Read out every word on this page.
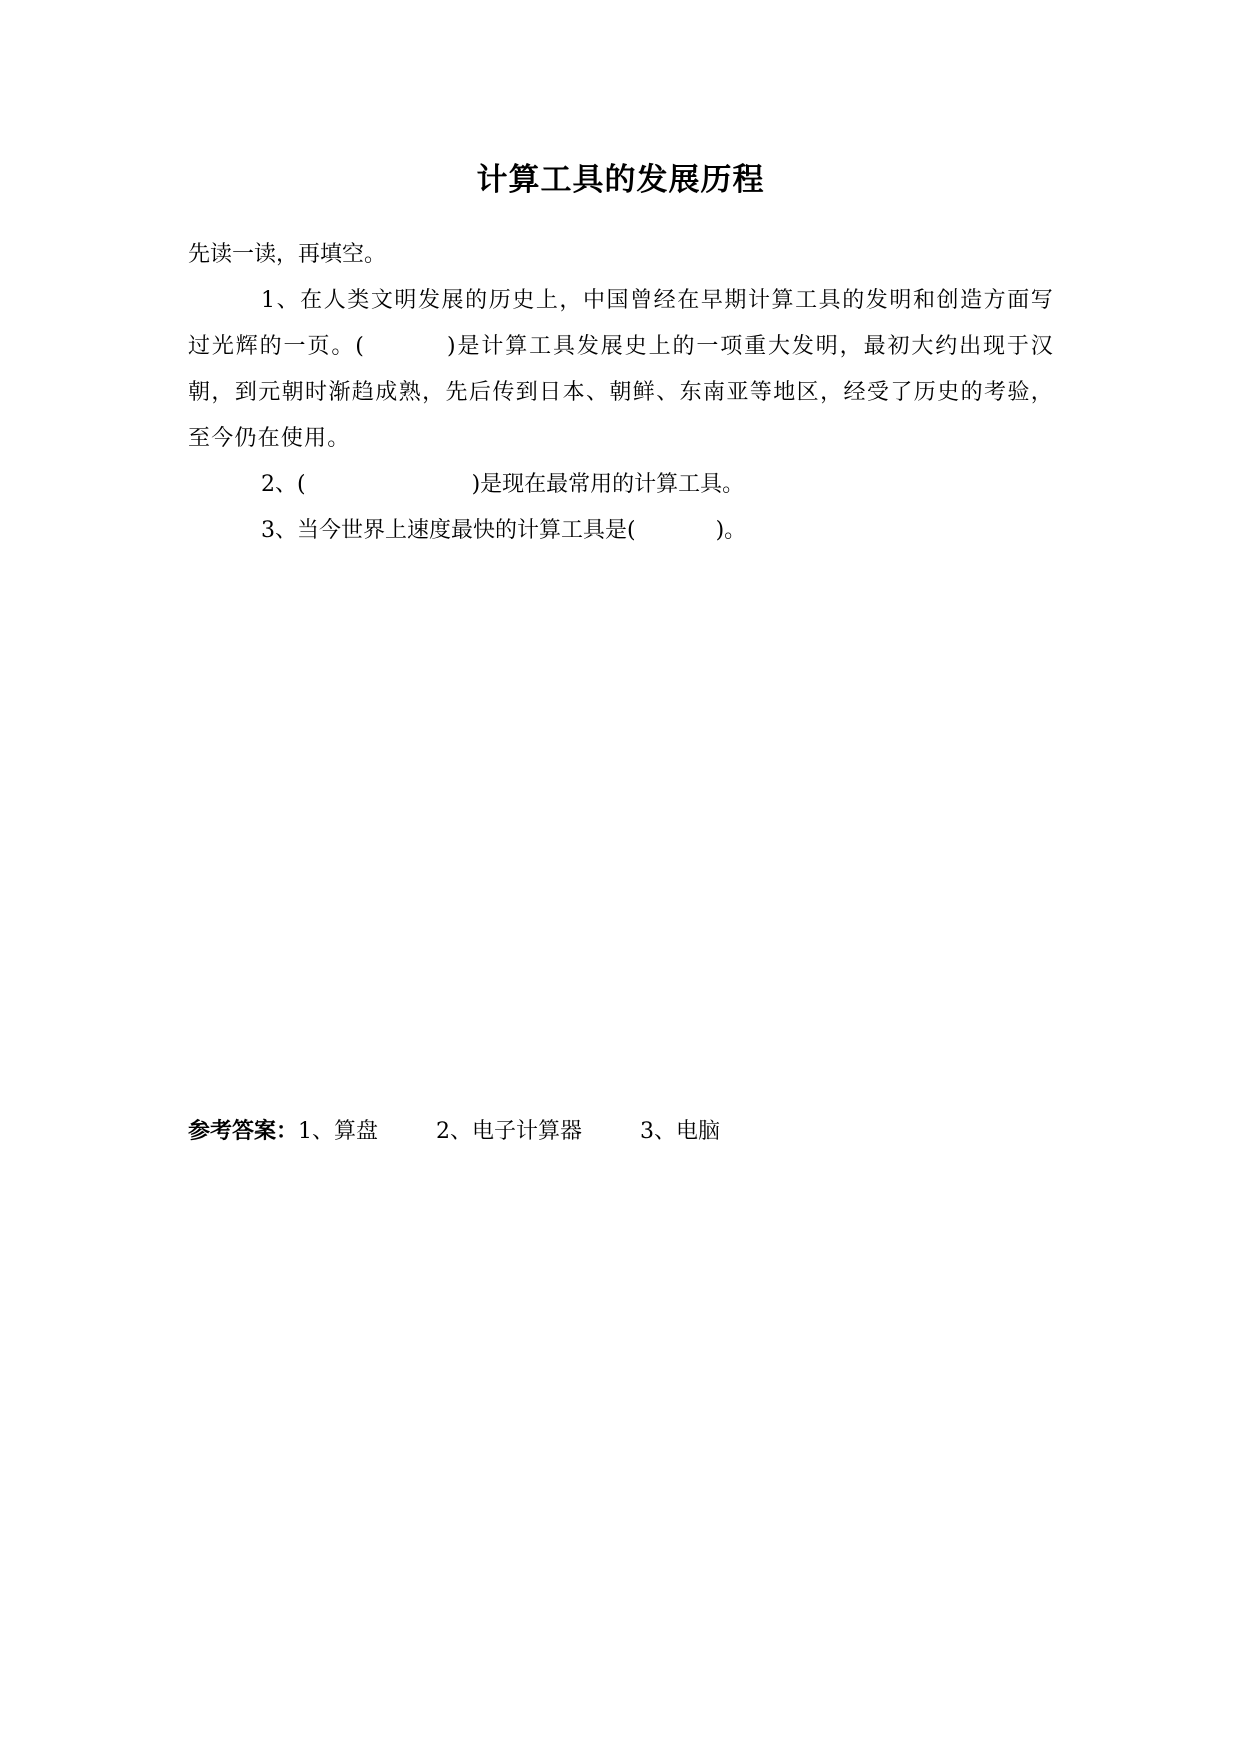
计算工具的发展历程

先读一读，再填空。

1、在人类文明发展的历史上，中国曾经在早期计算工具的发明和创造方面写过光辉的一页。(	)是计算工具发展史上的一项重大发明，最初大约出现于汉朝，到元朝时渐趋成熟，先后传到日本、朝鲜、东南亚等地区，经受了历史的考验，至今仍在使用。

2、(	)是现在最常用的计算工具。

3、当今世界上速度最快的计算工具是(	)。

参考答案：1、算盘	2、电子计算器	3、电脑
